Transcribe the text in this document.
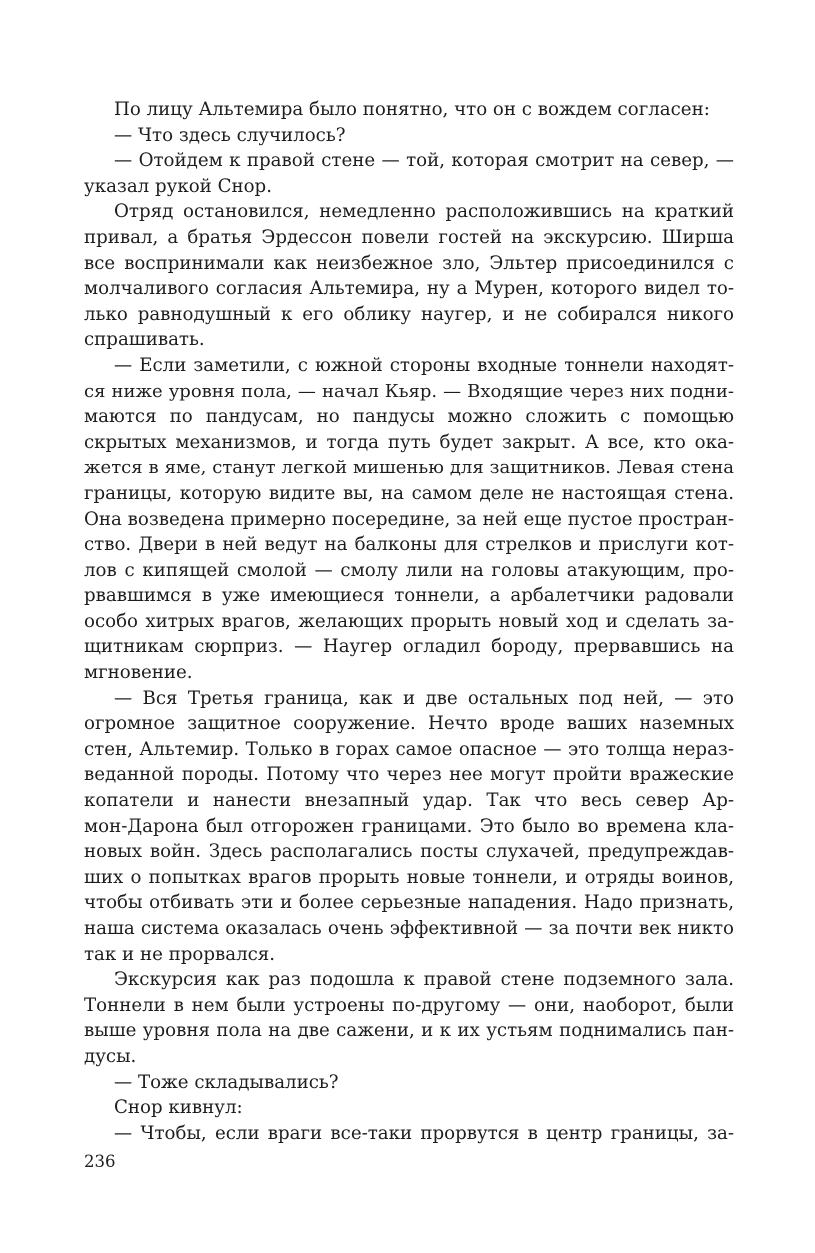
По лицу Альтемира было понятно, что он с вождем согласен:
— Что здесь случилось?
— Отойдем к правой стене — той, которая смотрит на север, —
указал рукой Снор.
Отряд остановился, немедленно расположившись на краткий
привал, а братья Эрдессон повели гостей на экскурсию. Ширша
все воспринимали как неизбежное зло, Эльтер присоединился с
молчаливого согласия Альтемира, ну а Мурен, которого видел то-
лько равнодушный к его облику наугер, и не собирался никого
спрашивать.
— Если заметили, с южной стороны входные тоннели находят-
ся ниже уровня пола, — начал Кьяр. — Входящие через них подни-
маются по пандусам, но пандусы можно сложить с помощью
скрытых механизмов, и тогда путь будет закрыт. А все, кто ока-
жется в яме, станут легкой мишенью для защитников. Левая стена
границы, которую видите вы, на самом деле не настоящая стена.
Она возведена примерно посередине, за ней еще пустое простран-
ство. Двери в ней ведут на балконы для стрелков и прислуги кот-
лов с кипящей смолой — смолу лили на головы атакующим, про-
рвавшимся в уже имеющиеся тоннели, а арбалетчики радовали
особо хитрых врагов, желающих прорыть новый ход и сделать за-
щитникам сюрприз. — Наугер огладил бороду, прервавшись на
мгновение.
— Вся Третья граница, как и две остальных под ней, — это
огромное защитное сооружение. Нечто вроде ваших наземных
стен, Альтемир. Только в горах самое опасное — это толща нераз-
веданной породы. Потому что через нее могут пройти вражеские
копатели и нанести внезапный удар. Так что весь север Ар-
мон-Дарона был отгорожен границами. Это было во времена кла-
новых войн. Здесь располагались посты слухачей, предупреждав-
ших о попытках врагов прорыть новые тоннели, и отряды воинов,
чтобы отбивать эти и более серьезные нападения. Надо признать,
наша система оказалась очень эффективной — за почти век никто
так и не прорвался.
Экскурсия как раз подошла к правой стене подземного зала.
Тоннели в нем были устроены по-другому — они, наоборот, были
выше уровня пола на две сажени, и к их устьям поднимались пан-
дусы.
— Тоже складывались?
Снор кивнул:
— Чтобы, если враги все-таки прорвутся в центр границы, за-
236
